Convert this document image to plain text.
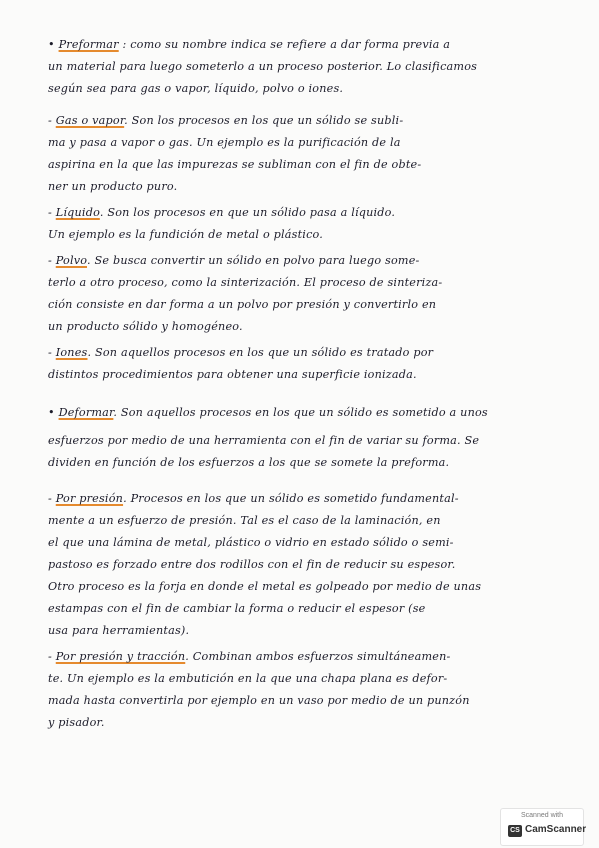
• Preformar : como su nombre indica se refiere a dar forma previa a
un material para luego someterlo a un proceso posterior. Lo clasificamos
según sea para gas o vapor, líquido, polvo o iones.
- Gas o vapor. Son los procesos en los que un sólido se subli-
ma y pasa a vapor o gas. Un ejemplo es la purificación de la
aspirina en la que las impurezas se subliman con el fin de obte-
ner un producto puro.
- Líquido. Son los procesos en que un sólido pasa a líquido.
Un ejemplo es la fundición de metal o plástico.
- Polvo. Se busca convertir un sólido en polvo para luego some-
terlo a otro proceso, como la sinterización. El proceso de sinteriza-
ción consiste en dar forma a un polvo por presión y convertirlo en
un producto sólido y homogéneo.
- Iones. Son aquellos procesos en los que un sólido es tratado por
distintos procedimientos para obtener una superficie ionizada.
• Deformar. Son aquellos procesos en los que un sólido es sometido a unos
esfuerzos por medio de una herramienta con el fin de variar su forma. Se
dividen en función de los esfuerzos a los que se somete la preforma.
- Por presión. Procesos en los que un sólido es sometido fundamental-
mente a un esfuerzo de presión. Tal es el caso de la laminación, en
el que una lámina de metal, plástico o vidrio en estado sólido o semi-
pastoso es forzado entre dos rodillos con el fin de reducir su espesor.
Otro proceso es la forja en donde el metal es golpeado por medio de unas
estampas con el fin de cambiar la forma o reducir el espesor (se
usa para herramientas).
- Por presión y tracción. Combinan ambos esfuerzos simultáneamen-
te. Un ejemplo es la embutición en la que una chapa plana es defor-
mada hasta convertirla por ejemplo en un vaso por medio de un punzón
y pisador.
Scanned with
CS CamScanner
